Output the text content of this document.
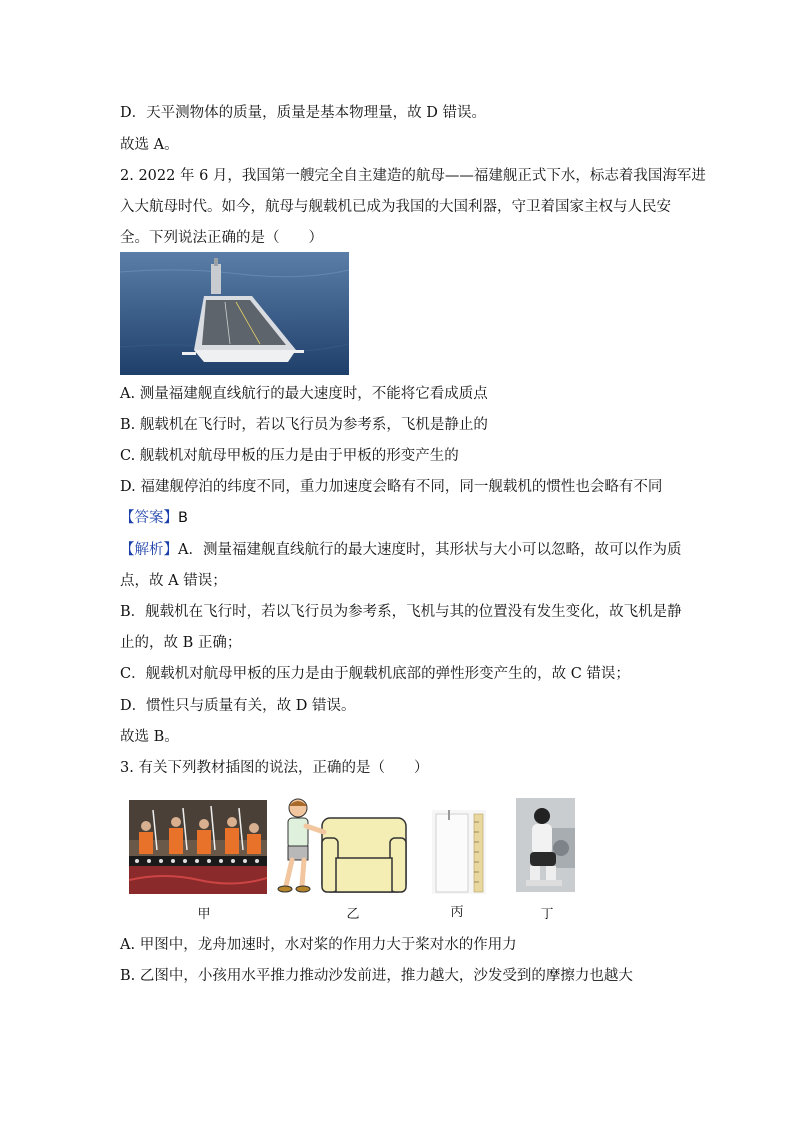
D．天平测物体的质量，质量是基本物理量，故 D 错误。
故选 A。
2. 2022 年 6 月，我国第一艘完全自主建造的航母——福建舰正式下水，标志着我国海军进
入大航母时代。如今，航母与舰载机已成为我国的大国利器，守卫着国家主权与人民安
全。下列说法正确的是（　　）
A. 测量福建舰直线航行的最大速度时，不能将它看成质点
B. 舰载机在飞行时，若以飞行员为参考系，飞机是静止的
C. 舰载机对航母甲板的压力是由于甲板的形变产生的
D. 福建舰停泊的纬度不同，重力加速度会略有不同，同一舰载机的惯性也会略有不同
【答案】B
【解析】A．测量福建舰直线航行的最大速度时，其形状与大小可以忽略，故可以作为质
点，故 A 错误；
B．舰载机在飞行时，若以飞行员为参考系，飞机与其的位置没有发生变化，故飞机是静
止的，故 B 正确；
C．舰载机对航母甲板的压力是由于舰载机底部的弹性形变产生的，故 C 错误；
D．惯性只与质量有关，故 D 错误。
故选 B。
3. 有关下列教材插图的说法，正确的是（　　）
甲	乙	丙	丁
A. 甲图中，龙舟加速时，水对桨的作用力大于桨对水的作用力
B. 乙图中，小孩用水平推力推动沙发前进，推力越大，沙发受到的摩擦力也越大
